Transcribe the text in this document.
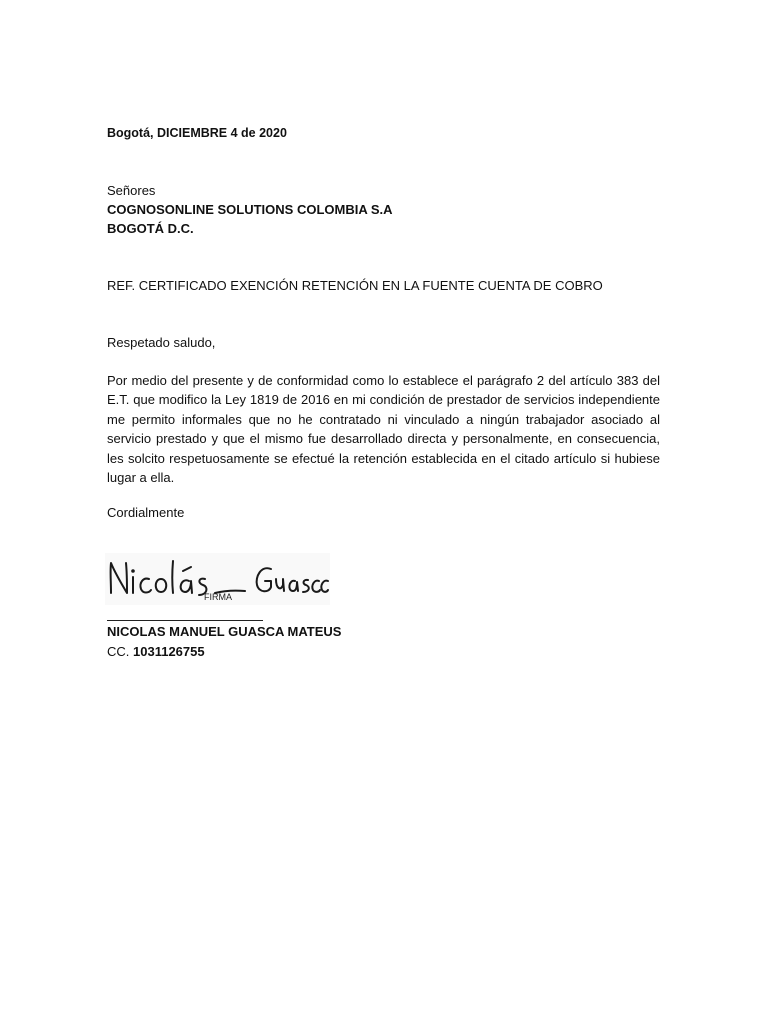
Bogotá, DICIEMBRE 4 de 2020
Señores
COGNOSONLINE SOLUTIONS COLOMBIA S.A
BOGOTÁ D.C.
REF. CERTIFICADO EXENCIÓN RETENCIÓN EN LA FUENTE CUENTA DE COBRO
Respetado saludo,
Por medio del presente y de conformidad como lo establece el parágrafo 2 del artículo 383 del E.T. que modifico la Ley 1819 de 2016 en mi condición de prestador de servicios independiente me permito informales que no he contratado ni vinculado a ningún trabajador asociado al servicio prestado y que el mismo fue desarrollado directa y personalmente, en consecuencia, les solcito respetuosamente se efectué la retención establecida en el citado artículo si hubiese lugar a ella.
Cordialmente
FIRMA
NICOLAS MANUEL GUASCA MATEUS
CC. 1031126755
